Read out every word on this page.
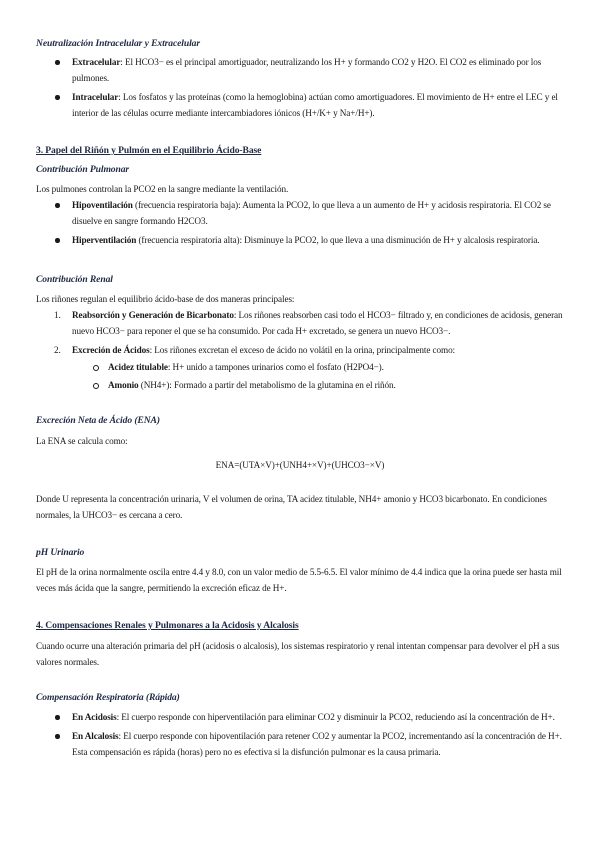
Neutralización Intracelular y Extracelular
Extracelular: El HCO3− es el principal amortiguador, neutralizando los H+ y formando CO2 y H2O. El CO2 es eliminado por los pulmones.
Intracelular: Los fosfatos y las proteínas (como la hemoglobina) actúan como amortiguadores. El movimiento de H+ entre el LEC y el interior de las células ocurre mediante intercambiadores iónicos (H+/K+ y Na+/H+).
3. Papel del Riñón y Pulmón en el Equilibrio Ácido-Base
Contribución Pulmonar

Los pulmones controlan la PCO2 en la sangre mediante la ventilación.

Hipoventilación (frecuencia respiratoria baja): Aumenta la PCO2, lo que lleva a un aumento de H+ y acidosis respiratoria. El CO2 se disuelve en sangre formando H2CO3.
Hiperventilación (frecuencia respiratoria alta): Disminuye la PCO2, lo que lleva a una disminución de H+ y alcalosis respiratoria.
Contribución Renal

Los riñones regulan el equilibrio ácido-base de dos maneras principales:

1. Reabsorción y Generación de Bicarbonato: Los riñones reabsorben casi todo el HCO3− filtrado y, en condiciones de acidosis, generan nuevo HCO3− para reponer el que se ha consumido. Por cada H+ excretado, se genera un nuevo HCO3−.
2. Excreción de Ácidos: Los riñones excretan el exceso de ácido no volátil en la orina, principalmente como:
Acidez titulable: H+ unido a tampones urinarios como el fosfato (H2PO4−).
Amonio (NH4+): Formado a partir del metabolismo de la glutamina en el riñón.
Excreción Neta de Ácido (ENA)

La ENA se calcula como:

ENA=(UTA×V)+(UNH4+×V)+(UHCO3−×V)

Donde U representa la concentración urinaria, V el volumen de orina, TA acidez titulable, NH4+ amonio y HCO3 bicarbonato. En condiciones normales, la UHCO3− es cercana a cero.

pH Urinario

El pH de la orina normalmente oscila entre 4.4 y 8.0, con un valor medio de 5.5-6.5. El valor mínimo de 4.4 indica que la orina puede ser hasta mil veces más ácida que la sangre, permitiendo la excreción eficaz de H+.

4. Compensaciones Renales y Pulmonares a la Acidosis y Alcalosis

Cuando ocurre una alteración primaria del pH (acidosis o alcalosis), los sistemas respiratorio y renal intentan compensar para devolver el pH a sus valores normales.

Compensación Respiratoria (Rápida)
En Acidosis: El cuerpo responde con hiperventilación para eliminar CO2 y disminuir la PCO2, reduciendo así la concentración de H+.
En Alcalosis: El cuerpo responde con hipoventilación para retener CO2 y aumentar la PCO2, incrementando así la concentración de H+. Esta compensación es rápida (horas) pero no es efectiva si la disfunción pulmonar es la causa primaria.
